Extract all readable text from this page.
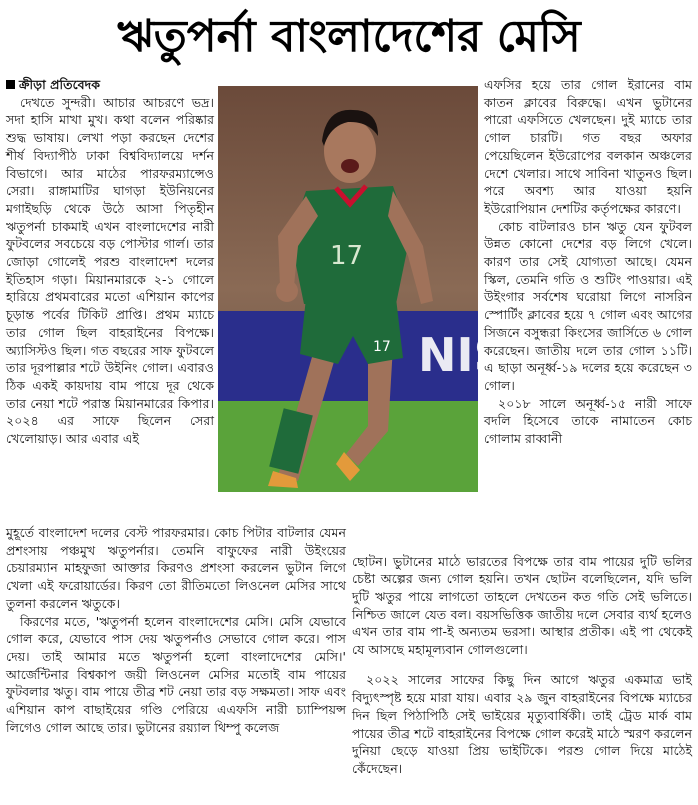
ঋতুপর্না বাংলাদেশের মেসি
ক্রীড়া প্রতিবেদক

দেখতে সুন্দরী। আচার আচরণে ভদ্র। সদা হাসি মাখা মুখ। কথা বলেন পরিষ্কার শুদ্ধ ভাষায়। লেখা পড়া করছেন দেশের শীর্ষ বিদ্যাপীঠ ঢাকা বিশ্ববিদ্যালয়ে দর্শন বিভাগে। আর মাঠের পারফরম্যান্সেও সেরা। রাঙ্গামাটির ঘাগড়া ইউনিয়নের মগাইছড়ি থেকে উঠে আসা পিতৃহীন ঋতুপর্না চাকমাই এখন বাংলাদেশের নারী ফুটবলের সবচেয়ে বড় পোস্টার গার্ল। তার জোড়া গোলেই পরশু বাংলাদেশ দলের ইতিহাস গড়া। মিয়ানমারকে ২-১ গোলে হারিয়ে প্রথমবারের মতো এশিয়ান কাপের চূড়ান্ত পর্বের টিকিট প্রাপ্তি। প্রথম ম্যাচে তার গোল ছিল বাহরাইনের বিপক্ষে। অ্যাসিস্টও ছিল। গত বছরের সাফ ফুটবলে তার দূরপাল্লার শটে উইনিং গোল। এবারও ঠিক একই কায়দায় বাম পায়ে দূর থেকে তার নেয়া শটে পরাস্ত মিয়ানমারের কিপার। ২০২৪ এর সাফে ছিলেন সেরা খেলোয়াড়। আর এবার এই

NISS
17
17

এফসির হয়ে তার গোল ইরানের বাম কাতন ক্লাবের বিরুদ্ধে। এখন ভুটানের পারো এফসিতে খেলছেন। দুই ম্যাচে তার গোল চারটি। গত বছর অফার পেয়েছিলেন ইউরোপের বলকান অঞ্চলের দেশে খেলার। সাথে সাবিনা খাতুনও ছিল। পরে অবশ্য আর যাওয়া হয়নি ইউরোপিয়ান দেশটির কর্তৃপক্ষের কারণে।

কোচ বাটলারও চান ঋতু যেন ফুটবল উন্নত কোনো দেশের বড় লিগে খেলে। কারণ তার সেই যোগ্যতা আছে। যেমন স্কিল, তেমনি গতি ও শুটিং পাওয়ার। এই উইংগার সর্বশেষ ঘরোয়া লিগে নাসরিন স্পোর্টিং ক্লাবের হয়ে ৭ গোল এবং আগের সিজনে বসুন্ধরা কিংসের জার্সিতে ৬ গোল করেছেন। জাতীয় দলে তার গোল ১১টি। এ ছাড়া অনূর্ধ্ব-১৯ দলের হয়ে করেছেন ৩ গোল।

২০১৮ সালে অনূর্ধ্ব-১৫ নারী সাফে বদলি হিসেবে তাকে নামাতেন কোচ গোলাম রাব্বানী

মুহূর্তে বাংলাদেশ দলের বেস্ট পারফরমার। কোচ পিটার বাটলার যেমন প্রশংসায় পঞ্চমুখ ঋতুপর্নার। তেমনি বাফুফের নারী উইংয়ের চেয়ারম্যান মাহফুজা আক্তার কিরণও প্রশংসা করলেন ভুটান লিগে খেলা এই ফরোয়ার্ডের। কিরণ তো রীতিমতো লিওনেল মেসির সাথে তুলনা করলেন ঋতুকে।

কিরণের মতে, 'ঋতুপর্না হলেন বাংলাদেশের মেসি। মেসি যেভাবে গোল করে, যেভাবে পাস দেয় ঋতুপর্নাও সেভাবে গোল করে। পাস দেয়। তাই আমার মতে ঋতুপর্না হলো বাংলাদেশের মেসি।' আর্জেন্টিনার বিশ্বকাপ জয়ী লিওনেল মেসির মতোই বাম পায়ের ফুটবলার ঋতু। বাম পায়ে তীব্র শট নেয়া তার বড় সক্ষমতা। সাফ এবং এশিয়ান কাপ বাছাইয়ের গণ্ডি পেরিয়ে এএফসি নারী চ্যাম্পিয়ন্স লিগেও গোল আছে তার। ভুটানের রয়্যাল থিম্পু কলেজ

ছোটন। ভুটানের মাঠে ভারতের বিপক্ষে তার বাম পায়ের দুটি ভলির চেষ্টা অল্পের জন্য গোল হয়নি। তখন ছোটন বলেছিলেন, যদি ভলি দুটি ঋতুর পায়ে লাগতো তাহলে দেখতেন কত গতি সেই ভলিতে। নিশ্চিত জালে যেত বল। বয়সভিত্তিক জাতীয় দলে সেবার ব্যর্থ হলেও এখন তার বাম পা-ই অন্যতম ভরসা। আস্থার প্রতীক। এই পা থেকেই যে আসছে মহামূল্যবান গোলগুলো।

২০২২ সালের সাফের কিছু দিন আগে ঋতুর একমাত্র ভাই বিদ্যুৎস্পৃষ্ট হয়ে মারা যায়। এবার ২৯ জুন বাহরাইনের বিপক্ষে ম্যাচের দিন ছিল পিঠাপিঠি সেই ভাইয়ের মৃত্যুবার্ষিকী। তাই ট্রেড মার্ক বাম পায়ের তীব্র শটে বাহরাইনের বিপক্ষে গোল করেই মাঠে স্মরণ করলেন দুনিয়া ছেড়ে যাওয়া প্রিয় ভাইটিকে। পরশু গোল দিয়ে মাঠেই কেঁদেছেন।
